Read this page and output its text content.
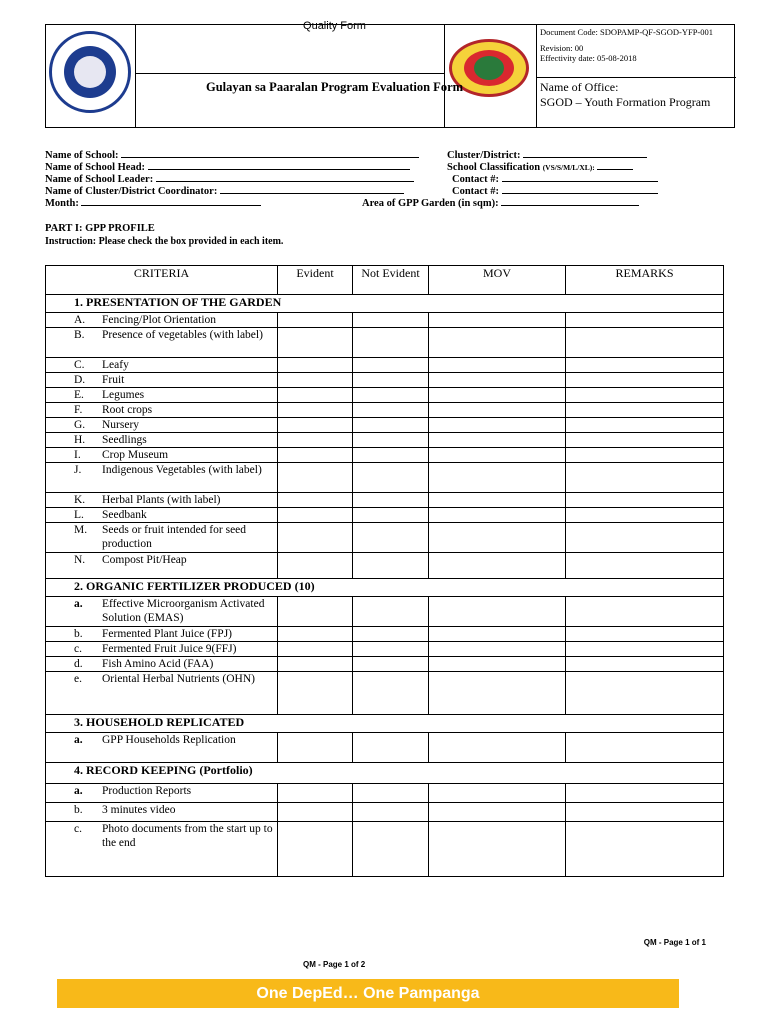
Quality Form
Gulayan sa Paaralan Program Evaluation Form
Document Code: SDOPAMP-QF-SGOD-YFP-001
Revision: 00
Effectivity date: 05-08-2018
Name of Office:
SGOD – Youth Formation Program
Name of School:	Cluster/District:
Name of School Head:	School Classification (VS/S/M/L/XL):
Name of School Leader:	Contact #:
Name of Cluster/District Coordinator:	Contact #:
Month:	Area of GPP Garden (in sqm):
PART I: GPP PROFILE
Instruction: Please check the box provided in each item.
CRITERIA	Evident	Not Evident	MOV	REMARKS
1. PRESENTATION OF THE GARDEN				

A. Fencing/Plot Orientation				

B. Presence of vegetables (with label)				

C. Leafy				

D. Fruit				

E. Legumes				

F. Root crops				

G. Nursery				

H. Seedlings				

I. Crop Museum				

J. Indigenous Vegetables (with label)				

K. Herbal Plants (with label)				

L. Seedbank				

M. Seeds or fruit intended for seed production				

N. Compost Pit/Heap				

2. ORGANIC FERTILIZER PRODUCED (10)				

a. Effective Microorganism Activated Solution (EMAS)				

b. Fermented Plant Juice (FPJ)				

c. Fermented Fruit Juice 9(FFJ)				

d. Fish Amino Acid (FAA)				

e. Oriental Herbal Nutrients (OHN)				

3. HOUSEHOLD REPLICATED				

a. GPP Households Replication				

4. RECORD KEEPING (Portfolio)				

a. Production Reports				

b. 3 minutes video				

c. Photo documents from the start up to the end				

QM - Page 1 of 1
QM - Page 1 of 2
One DepEd… One Pampanga
